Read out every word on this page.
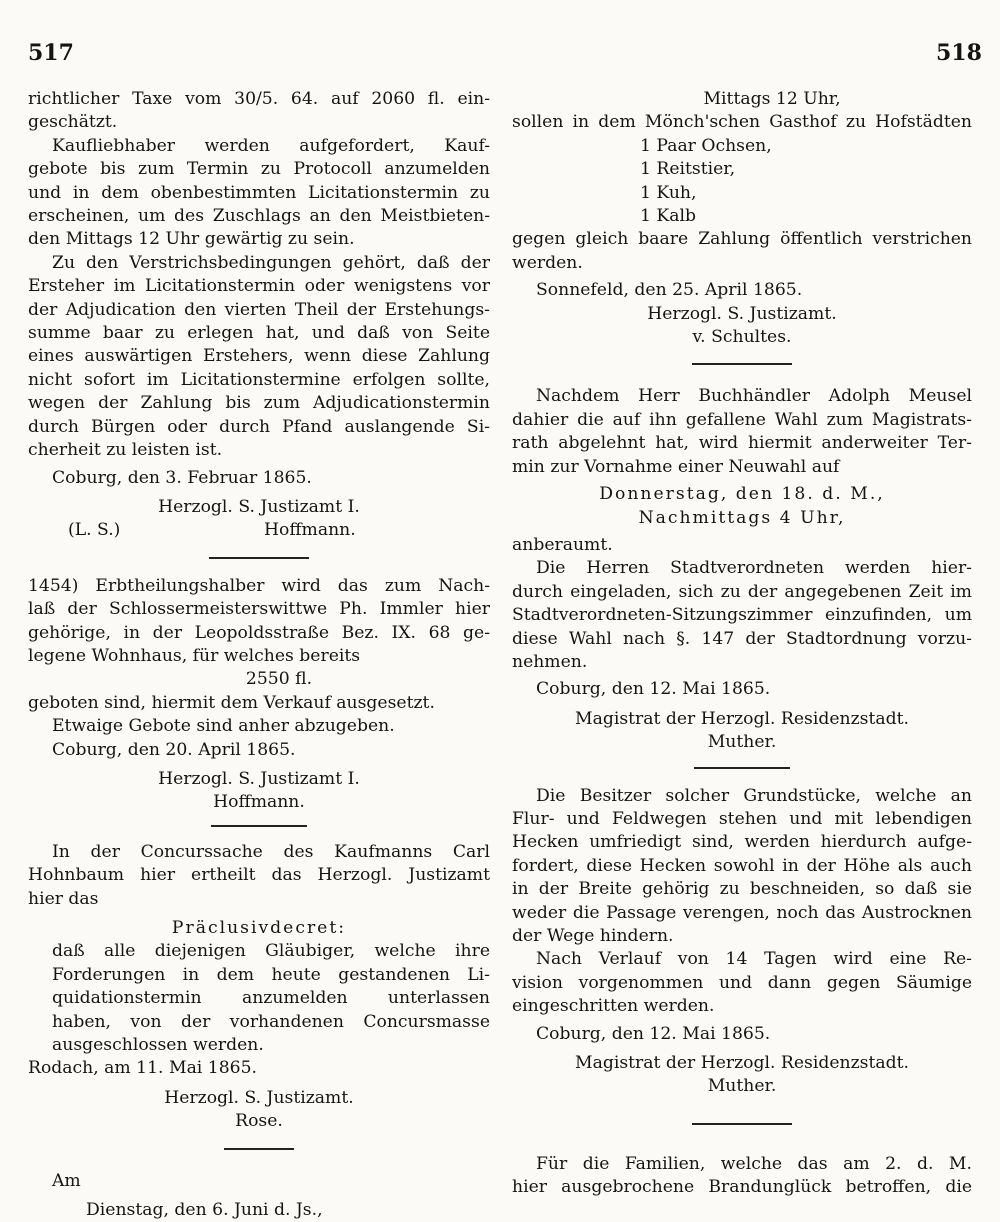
517	518
richtlicher Taxe vom 30/5. 64. auf 2060 fl. ein-
geschätzt.
Kaufliebhaber werden aufgefordert, Kauf-
gebote bis zum Termin zu Protocoll anzumelden
und in dem obenbestimmten Licitationstermin zu
erscheinen, um des Zuschlags an den Meistbieten-
den Mittags 12 Uhr gewärtig zu sein.
Zu den Verstrichsbedingungen gehört, daß der
Ersteher im Licitationstermin oder wenigstens vor
der Adjudication den vierten Theil der Erstehungs-
summe baar zu erlegen hat, und daß von Seite
eines auswärtigen Erstehers, wenn diese Zahlung
nicht sofort im Licitationstermine erfolgen sollte,
wegen der Zahlung bis zum Adjudicationstermin
durch Bürgen oder durch Pfand auslangende Si-
cherheit zu leisten ist.
Coburg, den 3. Februar 1865.
Herzogl. S. Justizamt I.
(L. S.)	Hoffmann.
1454) Erbtheilungshalber wird das zum Nach-
laß der Schlossermeisterswittwe Ph. Immler hier
gehörige, in der Leopoldsstraße Bez. IX. 68 ge-
legene Wohnhaus, für welches bereits
2550 fl.
geboten sind, hiermit dem Verkauf ausgesetzt.
Etwaige Gebote sind anher abzugeben.
Coburg, den 20. April 1865.
Herzogl. S. Justizamt I.
Hoffmann.
In der Concurssache des Kaufmanns Carl
Hohnbaum hier ertheilt das Herzogl. Justizamt
hier das
Präclusivdecret:
daß alle diejenigen Gläubiger, welche ihre
Forderungen in dem heute gestandenen Li-
quidationstermin anzumelden unterlassen
haben, von der vorhandenen Concursmasse
ausgeschlossen werden.
Rodach, am 11. Mai 1865.
Herzogl. S. Justizamt.
Rose.
Am
Dienstag, den 6. Juni d. Js.,
Mittags 12 Uhr,
sollen in dem Mönch'schen Gasthof zu Hofstädten
1 Paar Ochsen,
1 Reitstier,
1 Kuh,
1 Kalb
gegen gleich baare Zahlung öffentlich verstrichen
werden.
Sonnefeld, den 25. April 1865.
Herzogl. S. Justizamt.
v. Schultes.
Nachdem Herr Buchhändler Adolph Meusel
dahier die auf ihn gefallene Wahl zum Magistrats-
rath abgelehnt hat, wird hiermit anderweiter Ter-
min zur Vornahme einer Neuwahl auf
Donnerstag, den 18. d. M.,
Nachmittags 4 Uhr,
anberaumt.
Die Herren Stadtverordneten werden hier-
durch eingeladen, sich zu der angegebenen Zeit im
Stadtverordneten-Sitzungszimmer einzufinden, um
diese Wahl nach §. 147 der Stadtordnung vorzu-
nehmen.
Coburg, den 12. Mai 1865.
Magistrat der Herzogl. Residenzstadt.
Muther.
Die Besitzer solcher Grundstücke, welche an
Flur- und Feldwegen stehen und mit lebendigen
Hecken umfriedigt sind, werden hierdurch aufge-
fordert, diese Hecken sowohl in der Höhe als auch
in der Breite gehörig zu beschneiden, so daß sie
weder die Passage verengen, noch das Austrocknen
der Wege hindern.
Nach Verlauf von 14 Tagen wird eine Re-
vision vorgenommen und dann gegen Säumige
eingeschritten werden.
Coburg, den 12. Mai 1865.
Magistrat der Herzogl. Residenzstadt.
Muther.
Für die Familien, welche das am 2. d. M.
hier ausgebrochene Brandunglück betroffen, die
